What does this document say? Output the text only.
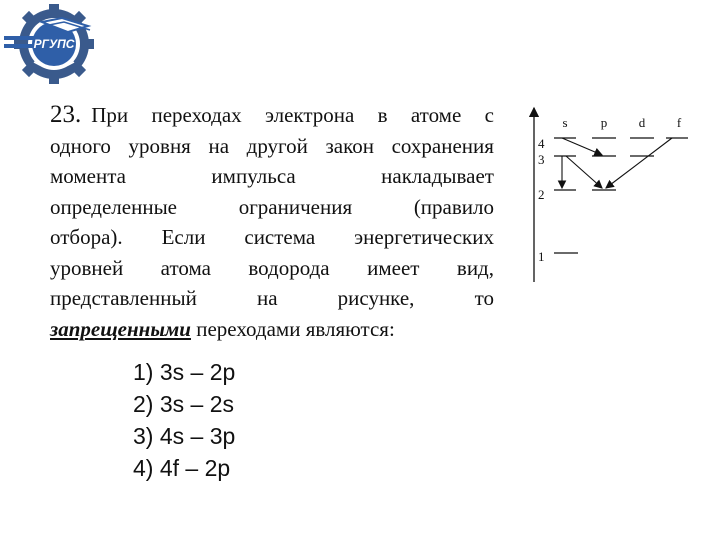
РГУПС
23. При переходах электрона в атоме с
одного уровня на другой закон сохранения
момента	импульса	накладывает
определенные	ограничения	(правило
отбора). Если система энергетических
уровней атома водорода имеет вид,
представленный	на	рисунке,	то
запрещенными
переходами являются:
1) 3s – 2p
2) 3s – 2s
3) 4s – 3p
4) 4f – 2p
s	p d f
4
3
2
1
